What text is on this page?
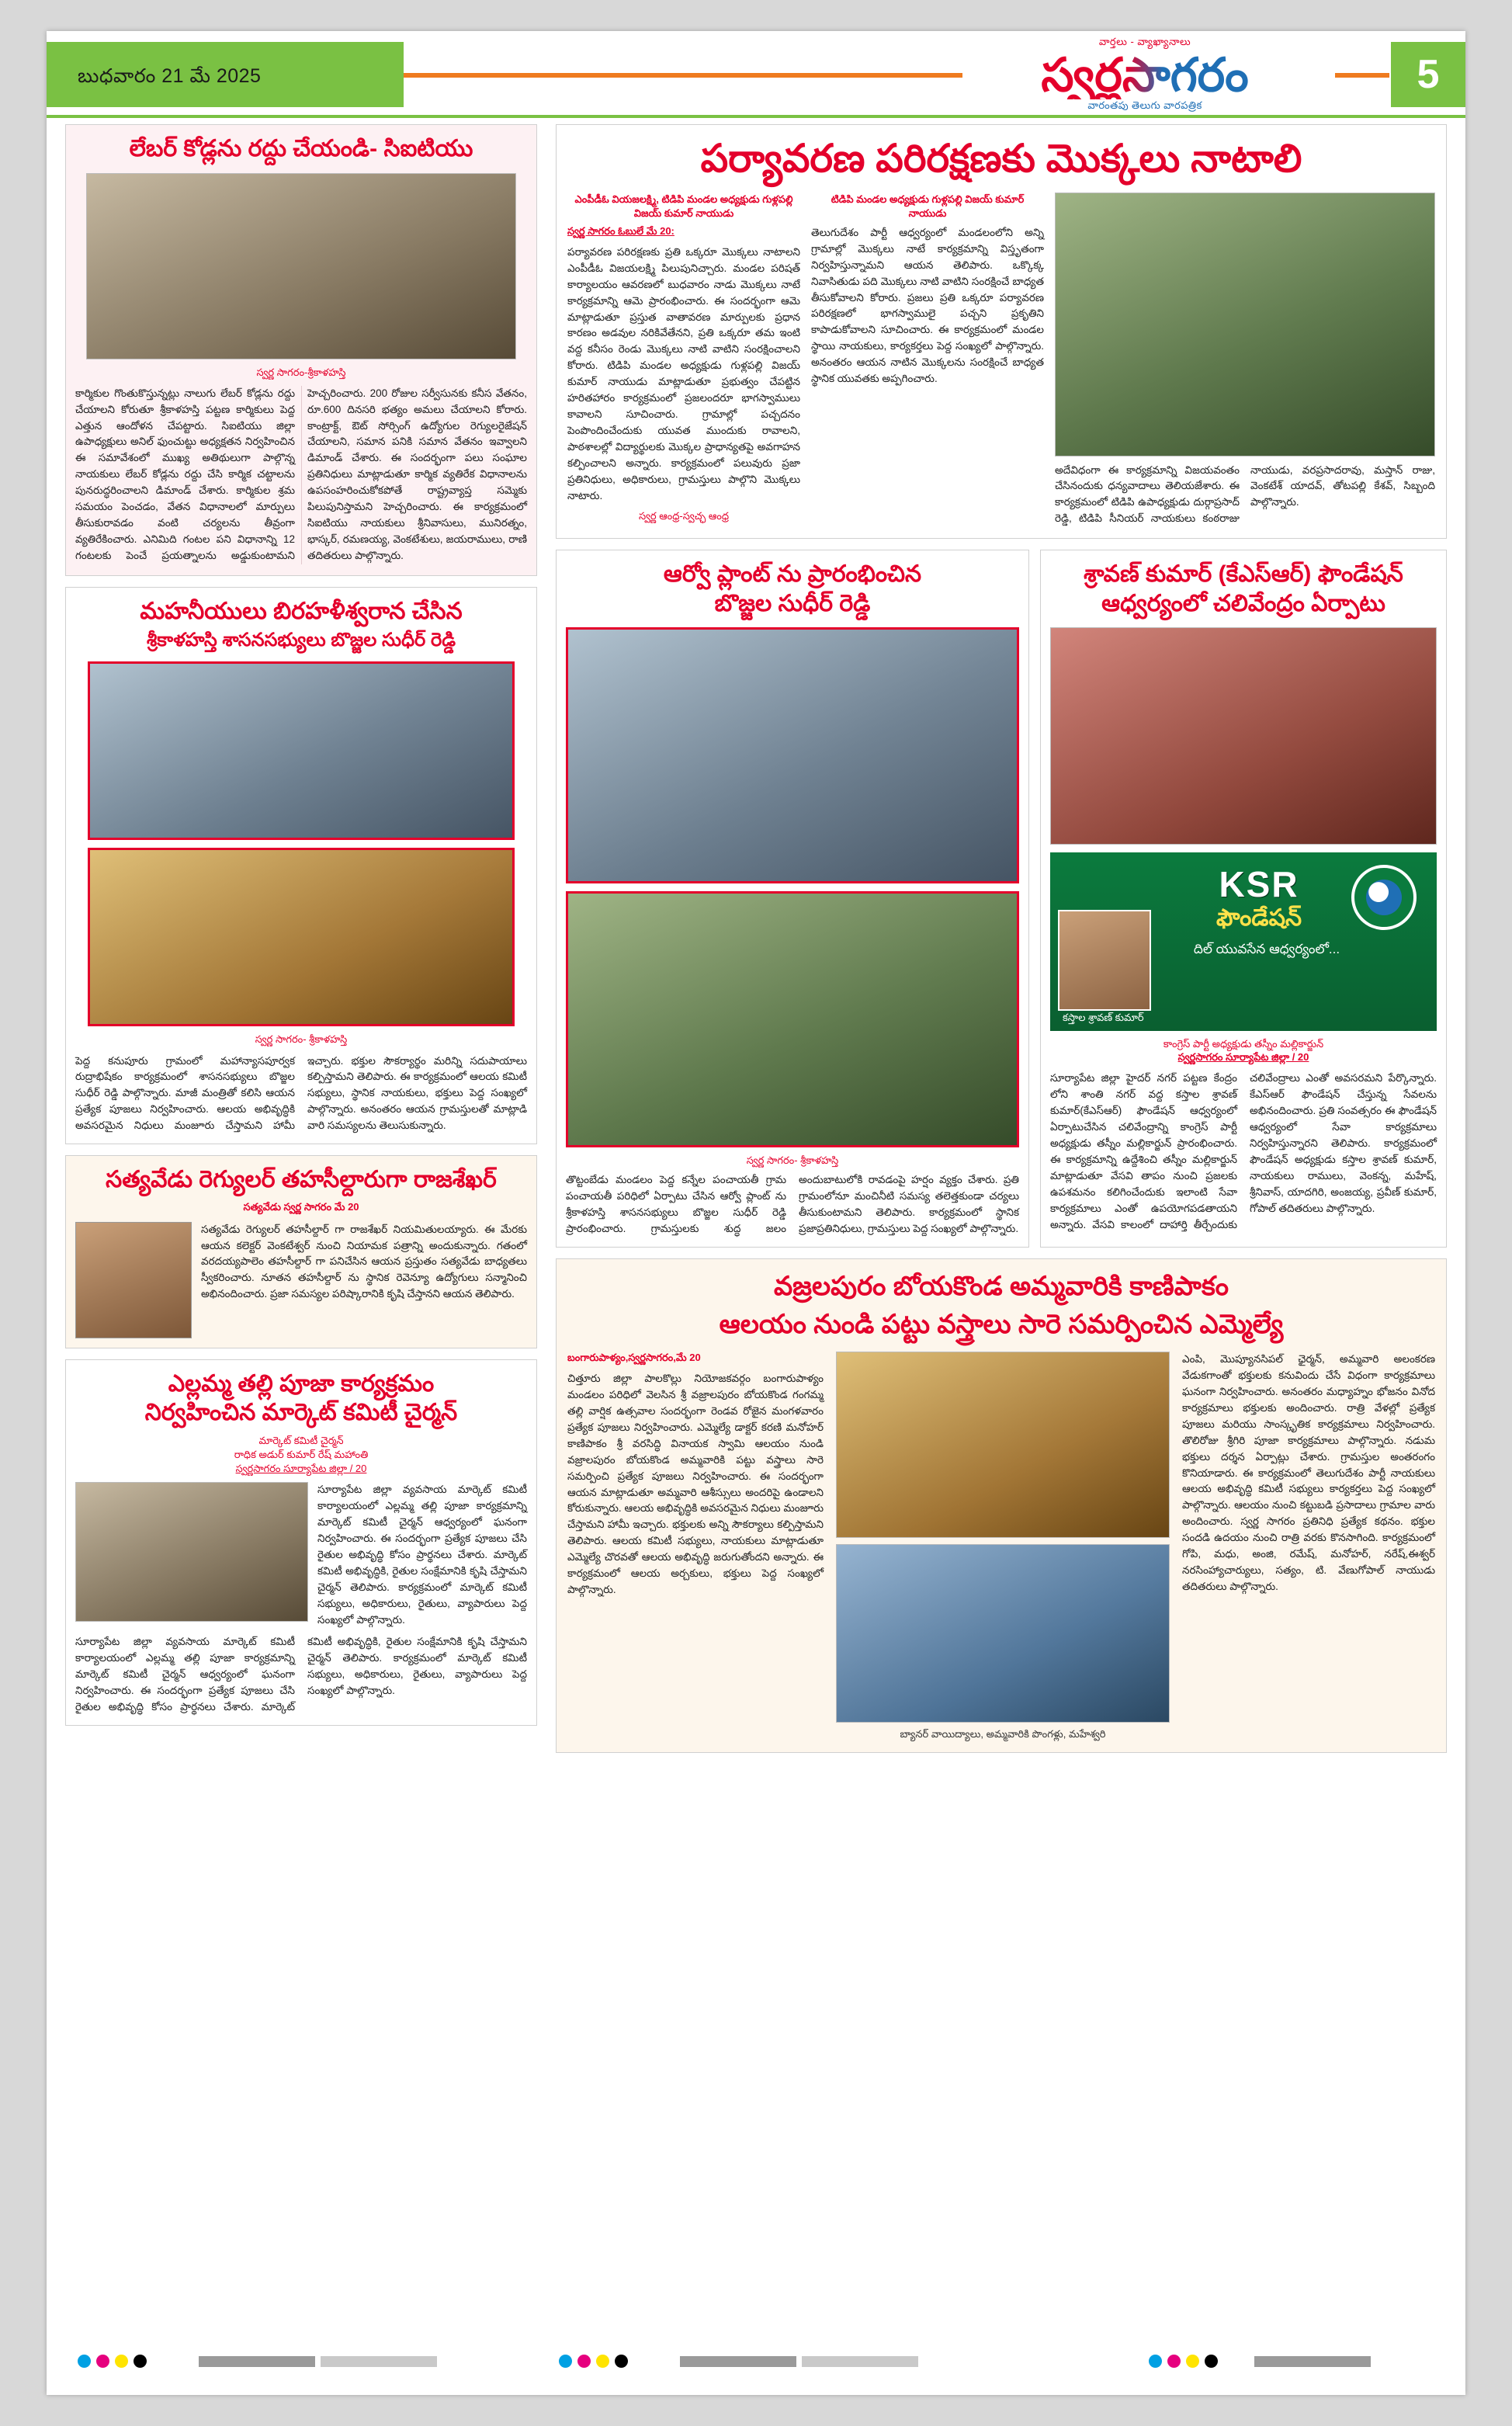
బుధవారం 21 మే 2025
వార్తలు - వ్యాఖ్యానాలు
స్వర్ణసాగరం
వారంతపు తెలుగు వారపత్రిక
5
లేబర్ కోడ్లను రద్దు చేయండి- సిఐటియు
స్వర్ణ సాగరం-శ్రీకాళహస్తి
కార్మికుల గొంతుకొస్తున్నట్లు నాలుగు లేబర్ కోడ్లను రద్దు చేయాలని కోరుతూ శ్రీకాళహస్తి పట్టణ కార్మికులు పెద్ద ఎత్తున ఆందోళన చేపట్టారు. సిఐటియు జిల్లా ఉపాధ్యక్షులు అనిల్ ఫుంచుట్టు అధ్యక్షతన నిర్వహించిన ఈ సమావేశంలో ముఖ్య అతిథులుగా పాల్గొన్న నాయకులు లేబర్ కోడ్లను రద్దు చేసి కార్మిక చట్టాలను పునరుద్ధరించాలని డిమాండ్ చేశారు. కార్మికుల శ్రమ సమయం పెంచడం, వేతన విధానాలలో మార్పులు తీసుకురావడం వంటి చర్యలను తీవ్రంగా వ్యతిరేకించారు. ఎనిమిది గంటల పని విధానాన్ని 12 గంటలకు పెంచే ప్రయత్నాలను అడ్డుకుంటామని హెచ్చరించారు. 200 రోజుల సర్వీసునకు కనీస వేతనం, రూ.600 దినసరి భత్యం అమలు చేయాలని కోరారు. కాంట్రాక్ట్, ఔట్ సోర్సింగ్ ఉద్యోగుల రెగ్యులరైజేషన్ చేయాలని, సమాన పనికి సమాన వేతనం ఇవ్వాలని డిమాండ్ చేశారు. ఈ సందర్భంగా పలు సంఘాల ప్రతినిధులు మాట్లాడుతూ కార్మిక వ్యతిరేక విధానాలను ఉపసంహరించుకోకపోతే రాష్ట్రవ్యాప్త సమ్మెకు పిలుపునిస్తామని హెచ్చరించారు. ఈ కార్యక్రమంలో సిఐటియు నాయకులు శ్రీనివాసులు, మునిరత్నం, భాస్కర్, రమణయ్య, వెంకటేశులు, జయరాములు, రాణి తదితరులు పాల్గొన్నారు.
మహనీయులు బిరహళీశ్వరాన చేసిన
శ్రీకాళహస్తి శాసనసభ్యులు బొజ్జల సుధీర్ రెడ్డి
స్వర్ణ సాగరం- శ్రీకాళహస్తి
పెద్ద కనుపూరు గ్రామంలో మహాన్యాసపూర్వక రుద్రాభిషేకం కార్యక్రమంలో శాసనసభ్యులు బొజ్జల సుధీర్ రెడ్డి పాల్గొన్నారు. మాజీ మంత్రితో కలిసి ఆయన ప్రత్యేక పూజలు నిర్వహించారు. ఆలయ అభివృద్ధికి అవసరమైన నిధులు మంజూరు చేస్తామని హామీ ఇచ్చారు. భక్తుల సౌకర్యార్థం మరిన్ని సదుపాయాలు కల్పిస్తామని తెలిపారు. ఈ కార్యక్రమంలో ఆలయ కమిటీ సభ్యులు, స్థానిక నాయకులు, భక్తులు పెద్ద సంఖ్యలో పాల్గొన్నారు. అనంతరం ఆయన గ్రామస్తులతో మాట్లాడి వారి సమస్యలను తెలుసుకున్నారు.
సత్యవేడు రెగ్యులర్ తహసీల్దారుగా రాజశేఖర్
సత్యవేడు స్వర్ణ సాగరం మే 20
సత్యవేడు రెగ్యులర్ తహసీల్దార్ గా రాజశేఖర్ నియమితులయ్యారు. ఈ మేరకు ఆయన కలెక్టర్ వెంకటేశ్వర్ నుంచి నియామక పత్రాన్ని అందుకున్నారు. గతంలో వరదయ్యపాలెం తహసీల్దార్ గా పనిచేసిన ఆయన ప్రస్తుతం సత్యవేడు బాధ్యతలు స్వీకరించారు. నూతన తహసీల్దార్ ను స్థానిక రెవెన్యూ ఉద్యోగులు సన్మానించి అభినందించారు. ప్రజా సమస్యల పరిష్కారానికి కృషి చేస్తానని ఆయన తెలిపారు.
ఎల్లమ్మ తల్లి పూజా కార్యక్రమం
నిర్వహించిన మార్కెట్ కమిటీ చైర్మన్
మార్కెట్ కమిటీ చైర్మన్
రాధిక అడుర్ కుమార్ రేష్ మహాంతి
స్వర్ణసాగరం సూర్యాపేట జిల్లా / 20
సూర్యాపేట జిల్లా వ్యవసాయ మార్కెట్ కమిటీ కార్యాలయంలో ఎల్లమ్మ తల్లి పూజా కార్యక్రమాన్ని మార్కెట్ కమిటీ చైర్మన్ ఆధ్వర్యంలో ఘనంగా నిర్వహించారు. ఈ సందర్భంగా ప్రత్యేక పూజలు చేసి రైతుల అభివృద్ధి కోసం ప్రార్థనలు చేశారు. మార్కెట్ కమిటీ అభివృద్ధికి, రైతుల సంక్షేమానికి కృషి చేస్తామని చైర్మన్ తెలిపారు. కార్యక్రమంలో మార్కెట్ కమిటీ సభ్యులు, అధికారులు, రైతులు, వ్యాపారులు పెద్ద సంఖ్యలో పాల్గొన్నారు.
సూర్యాపేట జిల్లా వ్యవసాయ మార్కెట్ కమిటీ కార్యాలయంలో ఎల్లమ్మ తల్లి పూజా కార్యక్రమాన్ని మార్కెట్ కమిటీ చైర్మన్ ఆధ్వర్యంలో ఘనంగా నిర్వహించారు. ఈ సందర్భంగా ప్రత్యేక పూజలు చేసి రైతుల అభివృద్ధి కోసం ప్రార్థనలు చేశారు. మార్కెట్ కమిటీ అభివృద్ధికి, రైతుల సంక్షేమానికి కృషి చేస్తామని చైర్మన్ తెలిపారు. కార్యక్రమంలో మార్కెట్ కమిటీ సభ్యులు, అధికారులు, రైతులు, వ్యాపారులు పెద్ద సంఖ్యలో పాల్గొన్నారు.
పర్యావరణ పరిరక్షణకు మొక్కలు నాటాలి
ఎంపీడీఓ వియజలక్ష్మి, టిడిపి మండల అధ్యక్షుడు గుళ్లపల్లి విజయ్ కుమార్ నాయుడు
స్వర్ణ సాగరం ఓబులే మే 20:
పర్యావరణ పరిరక్షణకు ప్రతి ఒక్కరూ మొక్కలు నాటాలని ఎంపీడీఓ విజయలక్ష్మి పిలుపునిచ్చారు. మండల పరిషత్ కార్యాలయం ఆవరణలో బుధవారం నాడు మొక్కలు నాటే కార్యక్రమాన్ని ఆమె ప్రారంభించారు. ఈ సందర్భంగా ఆమె మాట్లాడుతూ ప్రస్తుత వాతావరణ మార్పులకు ప్రధాన కారణం అడవుల నరికివేతేనని, ప్రతి ఒక్కరూ తమ ఇంటి వద్ద కనీసం రెండు మొక్కలు నాటి వాటిని సంరక్షించాలని కోరారు. టిడిపి మండల అధ్యక్షుడు గుళ్లపల్లి విజయ్ కుమార్ నాయుడు మాట్లాడుతూ ప్రభుత్వం చేపట్టిన హరితహారం కార్యక్రమంలో ప్రజలందరూ భాగస్వాములు కావాలని సూచించారు. గ్రామాల్లో పచ్చదనం పెంపొందించేందుకు యువత ముందుకు రావాలని, పాఠశాలల్లో విద్యార్థులకు మొక్కల ప్రాధాన్యతపై అవగాహన కల్పించాలని అన్నారు. కార్యక్రమంలో పలువురు ప్రజా ప్రతినిధులు, అధికారులు, గ్రామస్తులు పాల్గొని మొక్కలు నాటారు.
స్వర్ణ ఆంధ్ర-స్వచ్ఛ ఆంధ్ర
టిడిపి మండల అధ్యక్షుడు గుళ్లపల్లి విజయ్ కుమార్ నాయుడు
తెలుగుదేశం పార్టీ ఆధ్వర్యంలో మండలంలోని అన్ని గ్రామాల్లో మొక్కలు నాటే కార్యక్రమాన్ని విస్తృతంగా నిర్వహిస్తున్నామని ఆయన తెలిపారు. ఒక్కొక్క నివాసితుడు పది మొక్కలు నాటి వాటిని సంరక్షించే బాధ్యత తీసుకోవాలని కోరారు. ప్రజలు ప్రతి ఒక్కరూ పర్యావరణ పరిరక్షణలో భాగస్వాములై పచ్చని ప్రకృతిని కాపాడుకోవాలని సూచించారు. ఈ కార్యక్రమంలో మండల స్థాయి నాయకులు, కార్యకర్తలు పెద్ద సంఖ్యలో పాల్గొన్నారు. అనంతరం ఆయన నాటిన మొక్కలను సంరక్షించే బాధ్యత స్థానిక యువతకు అప్పగించారు.
అదేవిధంగా ఈ కార్యక్రమాన్ని విజయవంతం చేసినందుకు ధన్యవాదాలు తెలియజేశారు. ఈ కార్యక్రమంలో టిడిపి ఉపాధ్యక్షుడు దుర్గాప్రసాద్ రెడ్డి, టిడిపి సీనియర్ నాయకులు కంఠరాజు నాయుడు, వరప్రసాదరావు, మస్తాన్ రాజు, వెంకటేశ్ యాదవ్, తోటపల్లి కేశవ్, సిబ్బంది పాల్గొన్నారు.
ఆర్వో ప్లాంట్ ను ప్రారంభించిన
బొజ్జల సుధీర్ రెడ్డి
స్వర్ణ సాగరం- శ్రీకాళహస్తి
తొట్టంబేడు మండలం పెద్ద కన్నేల పంచాయతీ గ్రామ పంచాయతీ పరిధిలో ఏర్పాటు చేసిన ఆర్వో ప్లాంట్ ను శ్రీకాళహస్తి శాసనసభ్యులు బొజ్జల సుధీర్ రెడ్డి ప్రారంభించారు. గ్రామస్తులకు శుద్ధ జలం అందుబాటులోకి రావడంపై హర్షం వ్యక్తం చేశారు. ప్రతి గ్రామంలోనూ మంచినీటి సమస్య తలెత్తకుండా చర్యలు తీసుకుంటామని తెలిపారు. కార్యక్రమంలో స్థానిక ప్రజాప్రతినిధులు, గ్రామస్తులు పెద్ద సంఖ్యలో పాల్గొన్నారు.
శ్రావణ్ కుమార్ (కేఎస్ఆర్) ఫౌండేషన్
ఆధ్వర్యంలో చలివేంద్రం ఏర్పాటు
KSR
ఫౌండేషన్
దిల్ యువసేన ఆధ్వర్యంలో...
కస్తాల శ్రావణ్ కుమార్
కాంగ్రెస్ పార్టీ అధ్యక్షుడు తస్నీం మల్లికార్జున్
స్వర్ణసాగరం సూర్యాపేట జిల్లా / 20
సూర్యాపేట జిల్లా హైదర్ నగర్ పట్టణ కేంద్రం లోని శాంతి నగర్ వద్ద కస్తాల శ్రావణ్ కుమార్(కేఎస్ఆర్) ఫౌండేషన్ ఆధ్వర్యంలో ఏర్పాటుచేసిన చలివేంద్రాన్ని కాంగ్రెస్ పార్టీ అధ్యక్షుడు తస్నీం మల్లికార్జున్ ప్రారంభించారు. ఈ కార్యక్రమాన్ని ఉద్దేశించి తస్నీం మల్లికార్జున్ మాట్లాడుతూ వేసవి తాపం నుంచి ప్రజలకు ఉపశమనం కలిగించేందుకు ఇలాంటి సేవా కార్యక్రమాలు ఎంతో ఉపయోగపడతాయని అన్నారు. వేసవి కాలంలో దాహార్తి తీర్చేందుకు చలివేంద్రాలు ఎంతో అవసరమని పేర్కొన్నారు. కేఎస్ఆర్ ఫౌండేషన్ చేస్తున్న సేవలను అభినందించారు. ప్రతి సంవత్సరం ఈ ఫౌండేషన్ ఆధ్వర్యంలో సేవా కార్యక్రమాలు నిర్వహిస్తున్నారని తెలిపారు. కార్యక్రమంలో ఫౌండేషన్ అధ్యక్షుడు కస్తాల శ్రావణ్ కుమార్, నాయకులు రాములు, వెంకన్న, మహేష్, శ్రీనివాస్, యాదగిరి, అంజయ్య, ప్రవీణ్ కుమార్, గోపాల్ తదితరులు పాల్గొన్నారు.
వజ్రలపురం బోయకొండ అమ్మవారికి కాణిపాకం
ఆలయం నుండి పట్టు వస్త్రాలు సారె సమర్పించిన ఎమ్మెల్యే
బంగారుపాళ్యం,స్వర్ణసాగరం,మే 20
చిత్తూరు జిల్లా పాలకొల్లు నియోజకవర్గం బంగారుపాళ్యం మండలం పరిధిలో వెలసిన శ్రీ వజ్రాలపురం బోయకొండ గంగమ్మ తల్లి వార్షిక ఉత్సవాల సందర్భంగా రెండవ రోజైన మంగళవారం ప్రత్యేక పూజలు నిర్వహించారు. ఎమ్మెల్యే డాక్టర్ కరణి మనోహర్ కాణిపాకం శ్రీ వరసిద్ధి వినాయక స్వామి ఆలయం నుండి వజ్రాలపురం బోయకొండ అమ్మవారికి పట్టు వస్త్రాలు సారె సమర్పించి ప్రత్యేక పూజలు నిర్వహించారు. ఈ సందర్భంగా ఆయన మాట్లాడుతూ అమ్మవారి ఆశీస్సులు అందరిపై ఉండాలని కోరుకున్నారు. ఆలయ అభివృద్ధికి అవసరమైన నిధులు మంజూరు చేస్తామని హామీ ఇచ్చారు. భక్తులకు అన్ని సౌకర్యాలు కల్పిస్తామని తెలిపారు. ఆలయ కమిటీ సభ్యులు, నాయకులు మాట్లాడుతూ ఎమ్మెల్యే చొరవతో ఆలయ అభివృద్ధి జరుగుతోందని అన్నారు. ఈ కార్యక్రమంలో ఆలయ అర్చకులు, భక్తులు పెద్ద సంఖ్యలో పాల్గొన్నారు.
బ్యానర్ వాయిద్యాలు, అమ్మవారికి పొంగళ్లు, మహేశ్వరి
ఎంపి, మెుప్యూనసిపల్ ఛైర్మన్, అమ్మవారి అలంకరణ వేడుకగాంతో భక్తులకు కనువిందు చేసే విధంగా కార్యక్రమాలు ఘనంగా నిర్వహించారు. అనంతరం మధ్యాహ్నం భోజనం వినోద కార్యక్రమాలు భక్తులకు అందించారు. రాత్రి వేళల్లో ప్రత్యేక పూజలు మరియు సాంస్కృతిక కార్యక్రమాలు నిర్వహించారు. తొలిరోజు శ్రీగిరి పూజా కార్యక్రమాలు పాల్గొన్నారు. నడుమ భక్తులు దర్శన ఏర్పాట్లు చేశారు. గ్రామస్తుల అంతరంగం కొనియాడారు. ఈ కార్యక్రమంలో తెలుగుదేశం పార్టీ నాయకులు ఆలయ అభివృద్ధి కమిటీ సభ్యులు కార్యకర్తలు పెద్ద సంఖ్యలో పాల్గొన్నారు. ఆలయం నుంచి కట్టుబడి ప్రసాదాలు గ్రామాల వారు అందించారు. స్వర్ణ సాగరం ప్రతినిధి ప్రత్యేక కథనం. భక్తుల సందడి ఉదయం నుంచి రాత్రి వరకు కొనసాగింది. కార్యక్రమంలో గోపి, మధు, అంజి, రమేష్, మనోహర్, నరేష్,ఈశ్వర్ నరసింహ్యాచార్యులు, సత్యం, టి. వేణుగోపాల్ నాయుడు తదితరులు పాల్గొన్నారు.
